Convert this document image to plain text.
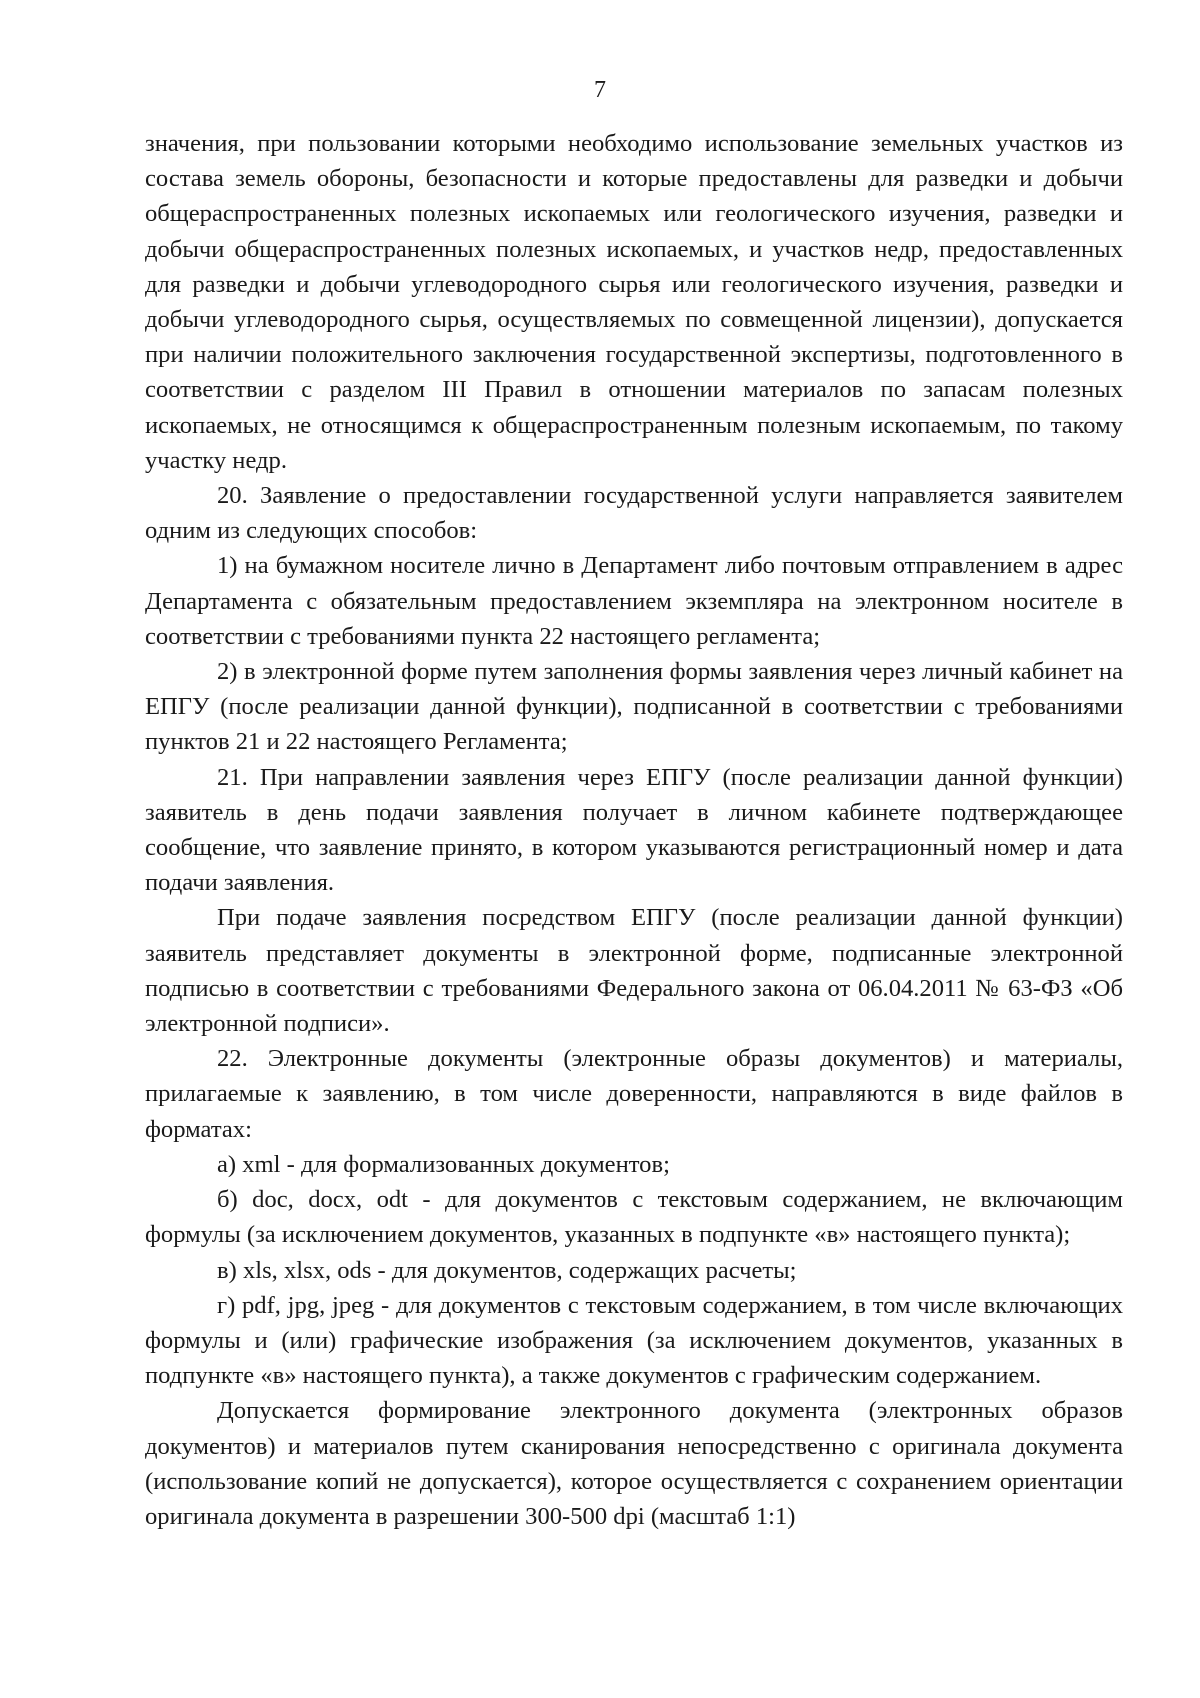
7

значения, при пользовании которыми необходимо использование земельных участков из состава земель обороны, безопасности и которые предоставлены для разведки и добычи общераспространенных полезных ископаемых или геологического изучения, разведки и добычи общераспространенных полезных ископаемых, и участков недр, предоставленных для разведки и добычи углеводородного сырья или геологического изучения, разведки и добычи углеводородного сырья, осуществляемых по совмещенной лицензии), допускается при наличии положительного заключения государственной экспертизы, подготовленного в соответствии с разделом III Правил в отношении материалов по запасам полезных ископаемых, не относящимся к общераспространенным полезным ископаемым, по такому участку недр.

20. Заявление о предоставлении государственной услуги направляется заявителем одним из следующих способов:

1) на бумажном носителе лично в Департамент либо почтовым отправлением в адрес Департамента с обязательным предоставлением экземпляра на электронном носителе в соответствии с требованиями пункта 22 настоящего регламента;

2) в электронной форме путем заполнения формы заявления через личный кабинет на ЕПГУ (после реализации данной функции), подписанной в соответствии с требованиями пунктов 21 и 22 настоящего Регламента;

21. При направлении заявления через ЕПГУ (после реализации данной функции) заявитель в день подачи заявления получает в личном кабинете подтверждающее сообщение, что заявление принято, в котором указываются регистрационный номер и дата подачи заявления.

При подаче заявления посредством ЕПГУ (после реализации данной функции) заявитель представляет документы в электронной форме, подписанные электронной подписью в соответствии с требованиями Федерального закона от 06.04.2011 № 63-ФЗ «Об электронной подписи».

22. Электронные документы (электронные образы документов) и материалы, прилагаемые к заявлению, в том числе доверенности, направляются в виде файлов в форматах:

а) xml - для формализованных документов;

б) doc, docx, odt - для документов с текстовым содержанием, не включающим формулы (за исключением документов, указанных в подпункте «в» настоящего пункта);

в) xls, xlsx, ods - для документов, содержащих расчеты;

г) pdf, jpg, jpeg - для документов с текстовым содержанием, в том числе включающих формулы и (или) графические изображения (за исключением документов, указанных в подпункте «в» настоящего пункта), а также документов с графическим содержанием.

Допускается формирование электронного документа (электронных образов документов) и материалов путем сканирования непосредственно с оригинала документа (использование копий не допускается), которое осуществляется с сохранением ориентации оригинала документа в разрешении 300-500 dpi (масштаб 1:1)
